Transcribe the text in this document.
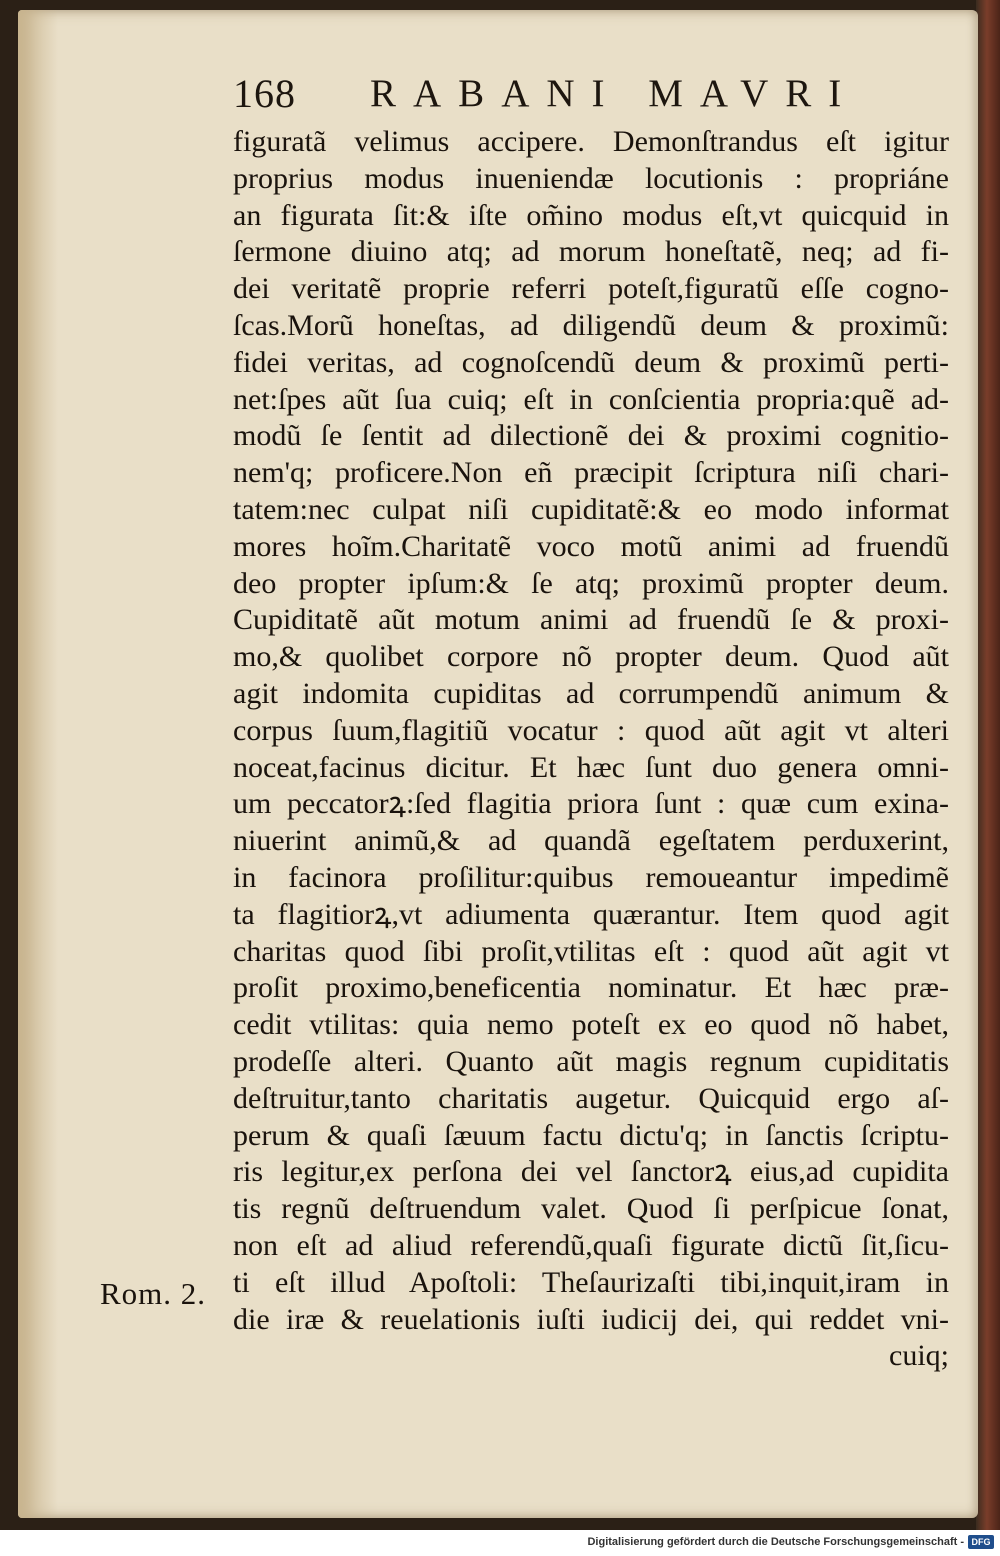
168 RABANI MAVRI
figuratã velimus accipere. Demonſtrandus eſt igitur
proprius modus inueniendæ locutionis : propriáne
an figurata ſit:& iſte om̃ino modus eſt,vt quicquid in
ſermone diuino atq; ad morum honeſtatẽ, neq; ad fi-
dei veritatẽ proprie referri poteſt,figuratũ eſſe cogno-
ſcas.Morũ honeſtas, ad diligendũ deum & proximũ:
fidei veritas, ad cognoſcendũ deum & proximũ perti-
net:ſpes aũt ſua cuiq; eſt in conſcientia propria:quẽ ad-
modũ ſe ſentit ad dilectionẽ dei & proximi cognitio-
nem'q; proficere.Non eñ præcipit ſcriptura niſi chari-
tatem:nec culpat niſi cupiditatẽ:& eo modo informat
mores hoĩm.Charitatẽ voco motũ animi ad fruendũ
deo propter ipſum:& ſe atq; proximũ propter deum.
Cupiditatẽ aũt motum animi ad fruendũ ſe & proxi-
mo,& quolibet corpore nõ propter deum. Quod aũt
agit indomita cupiditas ad corrumpendũ animum &
corpus ſuum,flagitiũ vocatur : quod aũt agit vt alteri
noceat,facinus dicitur. Et hæc ſunt duo genera omni-
um peccatorꝝ:ſed flagitia priora ſunt : quæ cum exina-
niuerint animũ,& ad quandã egeſtatem perduxerint,
in facinora proſilitur:quibus remoueantur impedimẽ
ta flagitiorꝝ,vt adiumenta quærantur. Item quod agit
charitas quod ſibi proſit,vtilitas eſt : quod aũt agit vt
proſit proximo,beneficentia nominatur. Et hæc præ-
cedit vtilitas: quia nemo poteſt ex eo quod nõ habet,
prodeſſe alteri. Quanto aũt magis regnum cupiditatis
deſtruitur,tanto charitatis augetur. Quicquid ergo aſ-
perum & quaſi ſæuum factu dictu'q; in ſanctis ſcriptu-
ris legitur,ex perſona dei vel ſanctorꝝ eius,ad cupidita
tis regnũ deſtruendum valet. Quod ſi perſpicue ſonat,
non eſt ad aliud referendũ,quaſi figurate dictũ ſit,ſicu-
ti eſt illud Apoſtoli: Theſaurizaſti tibi,inquit,iram in
die iræ & reuelationis iuſti iudicij dei, qui reddet vni-
cuiq;
Rom. 2.
Digitalisierung gefördert durch die Deutsche Forschungsgemeinschaft - DFG
